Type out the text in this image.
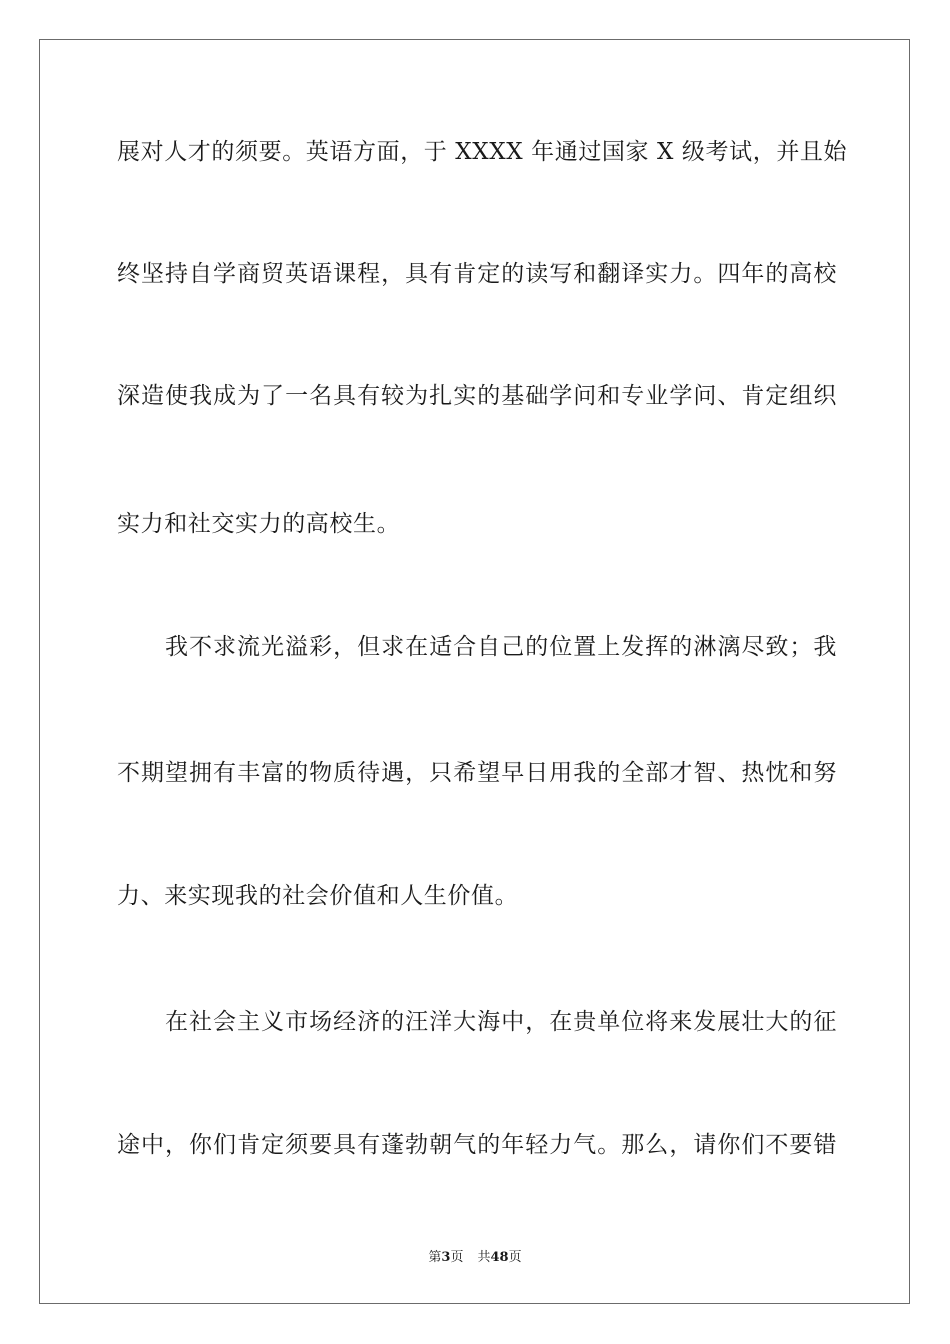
展对人才的须要。英语方面，于 XXXX 年通过国家 X 级考试，并且始

终坚持自学商贸英语课程，具有肯定的读写和翻译实力。四年的高校

深造使我成为了一名具有较为扎实的基础学问和专业学问、肯定组织

实力和社交实力的高校生。

我不求流光溢彩，但求在适合自己的位置上发挥的淋漓尽致；我

不期望拥有丰富的物质待遇，只希望早日用我的全部才智、热忱和努

力、来实现我的社会价值和人生价值。

在社会主义市场经济的汪洋大海中，在贵单位将来发展壮大的征

途中，你们肯定须要具有蓬勃朝气的年轻力气。那么，请你们不要错

第3页 共48页
